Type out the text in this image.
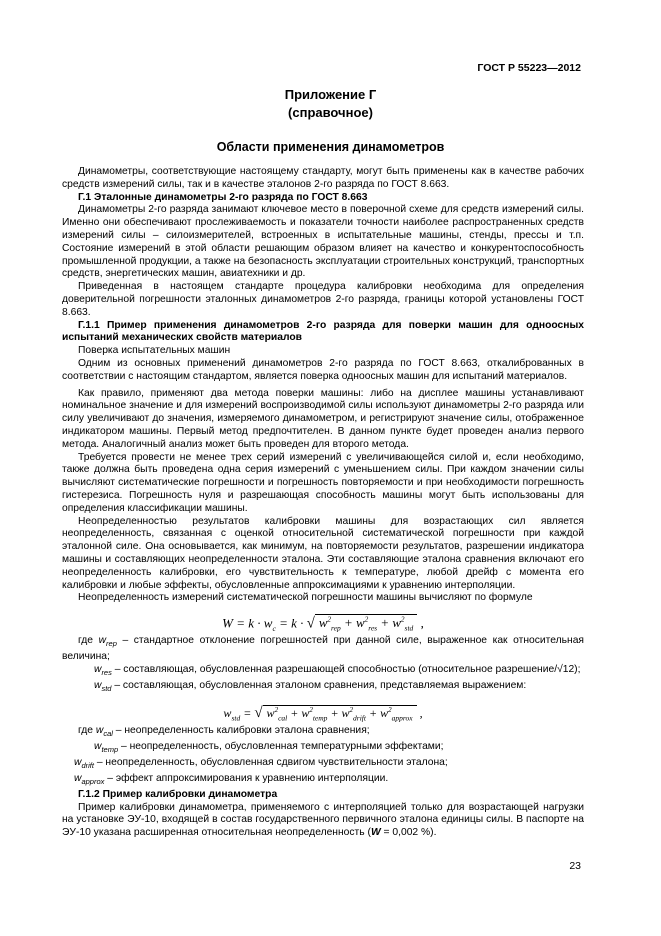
ГОСТ Р 55223—2012
Приложение Г
(справочное)
Области применения динамометров

Динамометры, соответствующие настоящему стандарту, могут быть применены как в качестве рабочих средств измерений силы, так и в качестве эталонов 2-го разряда по ГОСТ 8.663.

Г.1 Эталонные динамометры 2-го разряда по ГОСТ 8.663

Динамометры 2-го разряда занимают ключевое место в поверочной схеме для средств измерений силы. Именно они обеспечивают прослеживаемость и показатели точности наиболее распространенных средств измерений силы – силоизмерителей, встроенных в испытательные машины, стенды, прессы и т.п. Состояние измерений в этой области решающим образом влияет на качество и конкурентоспособность промышленной продукции, а также на безопасность эксплуатации строительных конструкций, транспортных средств, энергетических машин, авиатехники и др.

Приведенная в настоящем стандарте процедура калибровки необходима для определения доверительной погрешности эталонных динамометров 2-го разряда, границы которой установлены ГОСТ 8.663.

Г.1.1 Пример применения динамометров 2-го разряда для поверки машин для одноосных испытаний механических свойств материалов

Поверка испытательных машин

Одним из основных применений динамометров 2-го разряда по ГОСТ 8.663, откалиброванных в соответствии с настоящим стандартом, является поверка одноосных машин для испытаний материалов.

Как правило, применяют два метода поверки машины: либо на дисплее машины устанавливают номинальное значение и для измерений воспроизводимой силы используют динамометры 2-го разряда или силу увеличивают до значения, измеряемого динамометром, и регистрируют значение силы, отображенное индикатором машины. Первый метод предпочтителен. В данном пункте будет проведен анализ первого метода. Аналогичный анализ может быть проведен для второго метода.

Требуется провести не менее трех серий измерений с увеличивающейся силой и, если необходимо, также должна быть проведена одна серия измерений с уменьшением силы. При каждом значении силы вычисляют систематические погрешности и погрешность повторяемости и при необходимости погрешность гистерезиса. Погрешность нуля и разрешающая способность машины могут быть использованы для определения классификации машины.

Неопределенностью результатов калибровки машины для возрастающих сил является неопределенность, связанная с оценкой относительной систематической погрешности при каждой эталонной силе. Она основывается, как минимум, на повторяемости результатов, разрешении индикатора машины и составляющих неопределенности эталона. Эти составляющие эталона сравнения включают его неопределенность калибровки, его чувствительность к температуре, любой дрейф с момента его калибровки и любые эффекты, обусловленные аппроксимациями к уравнению интерполяции.

Неопределенность измерений систематической погрешности машины вычисляют по формуле

$W = k \cdot w_c = k$ · √ $w^2_{rep} + w^2_{res} + w^2_{std}$ ,

где $w_{rep}$ – стандартное отклонение погрешностей при данной силе, выраженное как относительная величина;

$w_{res}$ – составляющая, обусловленная разрешающей способностью (относительное разрешение/√12);

$w_{std}$ – составляющая, обусловленная эталоном сравнения, представляемая выражением:

$w_{std}$ = √ $w^2_{cal} + w^2_{temp} + w^2_{drift} + w^2_{approx}$ ,

где $w_{cal}$ – неопределенность калибровки эталона сравнения;

$w_{temp}$ – неопределенность, обусловленная температурными эффектами;

$w_{drift}$ – неопределенность, обусловленная сдвигом чувствительности эталона;

$w_{approx}$ – эффект аппроксимирования к уравнению интерполяции.

Г.1.2 Пример калибровки динамометра

Пример калибровки динамометра, применяемого с интерполяцией только для возрастающей нагрузки на установке ЭУ-10, входящей в состав государственного первичного эталона единицы силы. В паспорте на ЭУ-10 указана расширенная относительная неопределенность (W = 0,002 %).

23
